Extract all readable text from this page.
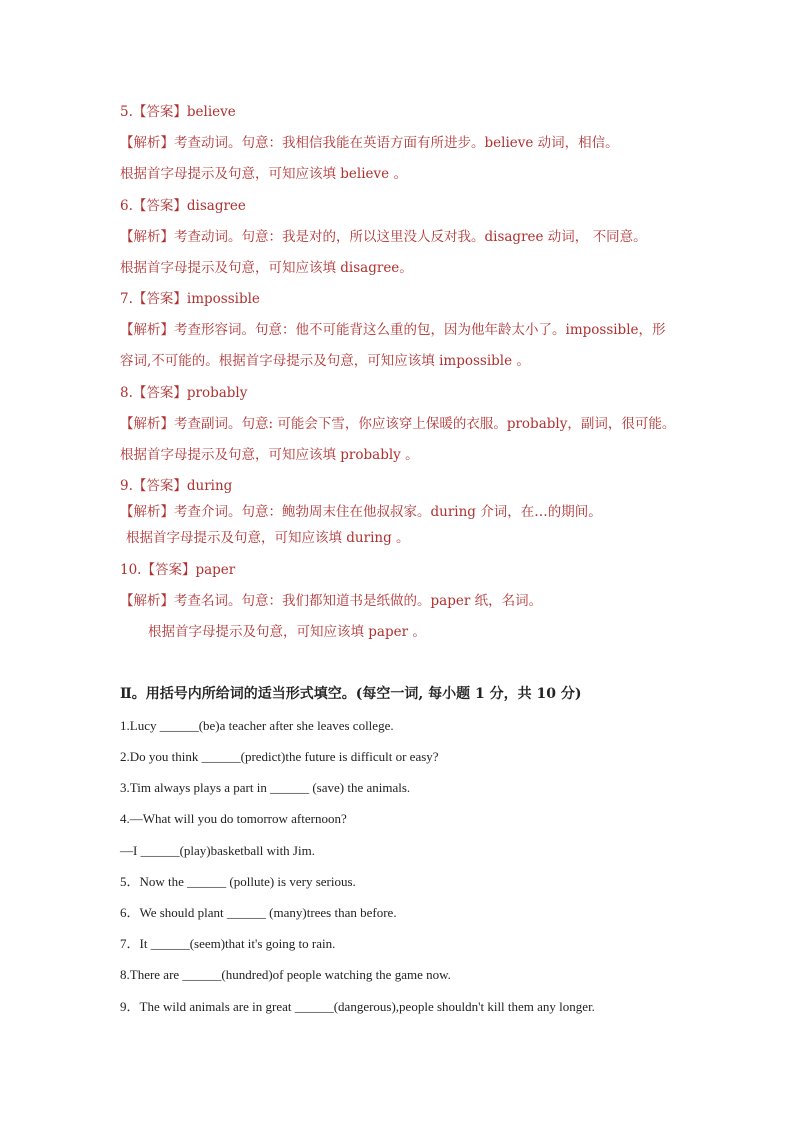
5.【答案】believe
【解析】考查动词。句意：我相信我能在英语方面有所进步。believe 动词，相信。
根据首字母提示及句意，可知应该填 believe 。
6.【答案】disagree
【解析】考查动词。句意：我是对的，所以这里没人反对我。disagree 动词， 不同意。
根据首字母提示及句意，可知应该填 disagree。
7.【答案】impossible
【解析】考查形容词。句意：他不可能背这么重的包，因为他年龄太小了。impossible，形
容词,不可能的。根据首字母提示及句意，可知应该填 impossible 。
8.【答案】probably
【解析】考查副词。句意: 可能会下雪，你应该穿上保暖的衣服。probably，副词，很可能。
根据首字母提示及句意，可知应该填 probably 。
9.【答案】during
【解析】考查介词。句意：鲍勃周末住在他叔叔家。during 介词，在…的期间。
根据首字母提示及句意，可知应该填 during 。
10.【答案】paper
【解析】考查名词。句意：我们都知道书是纸做的。paper 纸，名词。
根据首字母提示及句意，可知应该填 paper 。
Ⅱ。用括号内所给词的适当形式填空。(每空一词, 每小题 1 分，共 10 分)
1.Lucy ______(be)a teacher after she leaves college.
2.Do you think ______(predict)the future is difficult or easy?
3.Tim always plays a part in ______ (save) the animals.
4.—What will you do tomorrow afternoon?
—I ______(play)basketball with Jim.
5．Now the ______ (pollute) is very serious.
6．We should plant ______ (many)trees than before.
7．It ______(seem)that it's going to rain.
8.There are ______(hundred)of people watching the game now.
9．The wild animals are in great ______(dangerous),people shouldn't kill them any longer.
